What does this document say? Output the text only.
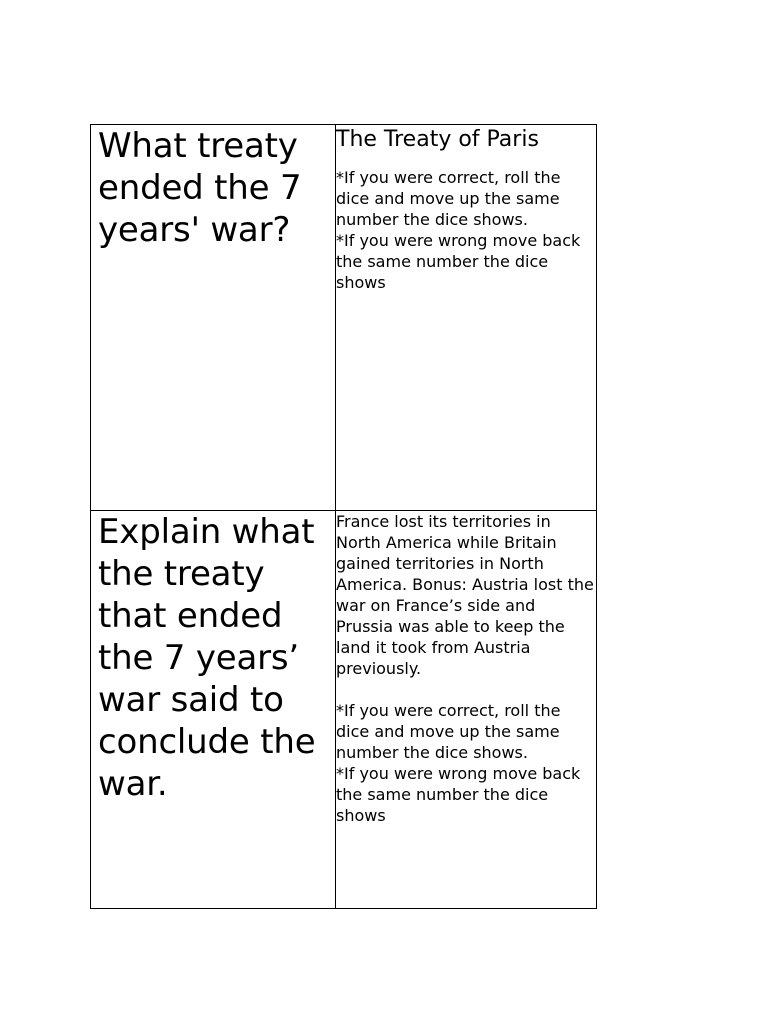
What treaty ended the 7 years' war?	The Treaty of Paris

*If you were correct, roll the dice and move up the same number the dice shows.

*If you were wrong move back the same number the dice shows

Explain what the treaty that ended the 7 years’ war said to conclude the war.	France lost its territories in North America while Britain gained territories in North America. Bonus: Austria lost the war on France’s side and Prussia was able to keep the land it took from Austria previously.

*If you were correct, roll the dice and move up the same number the dice shows.

*If you were wrong move back the same number the dice shows
